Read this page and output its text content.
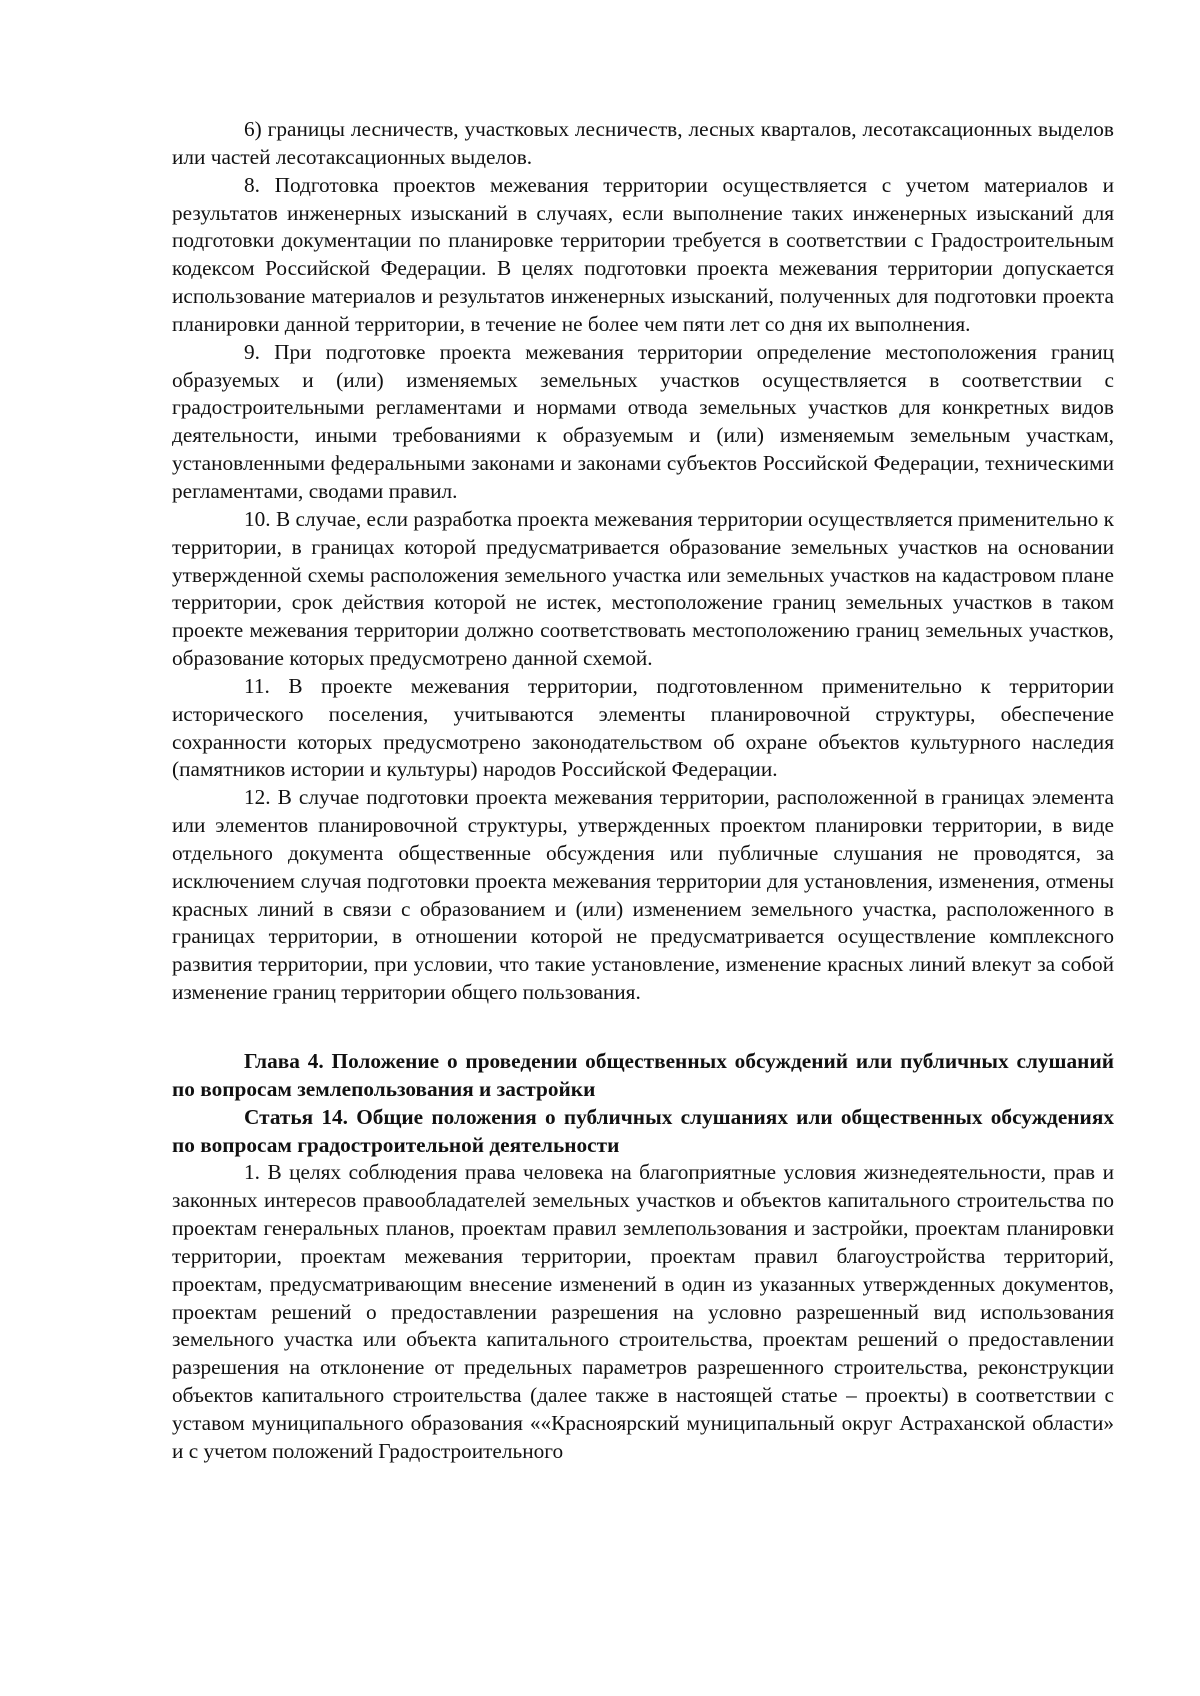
6) границы лесничеств, участковых лесничеств, лесных кварталов, лесотаксационных выделов или частей лесотаксационных выделов.

8. Подготовка проектов межевания территории осуществляется с учетом материалов и результатов инженерных изысканий в случаях, если выполнение таких инженерных изысканий для подготовки документации по планировке территории требуется в соответствии с Градостроительным кодексом Российской Федерации. В целях подготовки проекта межевания территории допускается использование материалов и результатов инженерных изысканий, полученных для подготовки проекта планировки данной территории, в течение не более чем пяти лет со дня их выполнения.

9. При подготовке проекта межевания территории определение местоположения границ образуемых и (или) изменяемых земельных участков осуществляется в соответствии с градостроительными регламентами и нормами отвода земельных участков для конкретных видов деятельности, иными требованиями к образуемым и (или) изменяемым земельным участкам, установленными федеральными законами и законами субъектов Российской Федерации, техническими регламентами, сводами правил.

10. В случае, если разработка проекта межевания территории осуществляется применительно к территории, в границах которой предусматривается образование земельных участков на основании утвержденной схемы расположения земельного участка или земельных участков на кадастровом плане территории, срок действия которой не истек, местоположение границ земельных участков в таком проекте межевания территории должно соответствовать местоположению границ земельных участков, образование которых предусмотрено данной схемой.

11. В проекте межевания территории, подготовленном применительно к территории исторического поселения, учитываются элементы планировочной структуры, обеспечение сохранности которых предусмотрено законодательством об охране объектов культурного наследия (памятников истории и культуры) народов Российской Федерации.

12. В случае подготовки проекта межевания территории, расположенной в границах элемента или элементов планировочной структуры, утвержденных проектом планировки территории, в виде отдельного документа общественные обсуждения или публичные слушания не проводятся, за исключением случая подготовки проекта межевания территории для установления, изменения, отмены красных линий в связи с образованием и (или) изменением земельного участка, расположенного в границах территории, в отношении которой не предусматривается осуществление комплексного развития территории, при условии, что такие установление, изменение красных линий влекут за собой изменение границ территории общего пользования.

Глава 4. Положение о проведении общественных обсуждений или публичных слушаний по вопросам землепользования и застройки
Статья 14. Общие положения о публичных слушаниях или общественных обсуждениях по вопросам градостроительной деятельности

1. В целях соблюдения права человека на благоприятные условия жизнедеятельности, прав и законных интересов правообладателей земельных участков и объектов капитального строительства по проектам генеральных планов, проектам правил землепользования и застройки, проектам планировки территории, проектам межевания территории, проектам правил благоустройства территорий, проектам, предусматривающим внесение изменений в один из указанных утвержденных документов, проектам решений о предоставлении разрешения на условно разрешенный вид использования земельного участка или объекта капитального строительства, проектам решений о предоставлении разрешения на отклонение от предельных параметров разрешенного строительства, реконструкции объектов капитального строительства (далее также в настоящей статье – проекты) в соответствии с уставом муниципального образования ««Красноярский муниципальный округ Астраханской области» и с учетом положений Градостроительного
